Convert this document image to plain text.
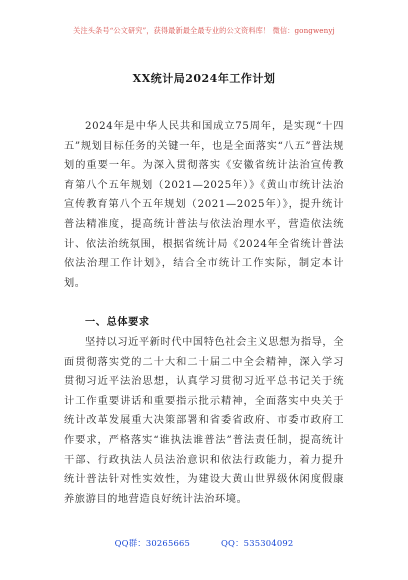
关注头条号“公文研究”，获得最新最全最专业的公文资料库！ 微信：gongwenyj
XX统计局2024年工作计划
2024年是中华人民共和国成立75周年，是实现“十四五”规划目标任务的关键一年，也是全面落实“八五”普法规划的重要一年。为深入贯彻落实《安徽省统计法治宣传教育第八个五年规划（2021—2025年）》《黄山市统计法治宣传教育第八个五年规划（2021—2025年）》，提升统计普法精准度，提高统计普法与依法治理水平，营造依法统计、依法治统氛围，根据省统计局《2024年全省统计普法依法治理工作计划》，结合全市统计工作实际，制定本计划。
一、总体要求
坚持以习近平新时代中国特色社会主义思想为指导，全面贯彻落实党的二十大和二十届二中全会精神，深入学习贯彻习近平法治思想，认真学习贯彻习近平总书记关于统计工作重要讲话和重要指示批示精神，全面落实中央关于统计改革发展重大决策部署和省委省政府、市委市政府工作要求，严格落实“谁执法谁普法”普法责任制，提高统计干部、行政执法人员法治意识和依法行政能力，着力提升统计普法针对性实效性，为建设大黄山世界级休闲度假康养旅游目的地营造良好统计法治环境。
QQ群：30265665	QQ：535304092
